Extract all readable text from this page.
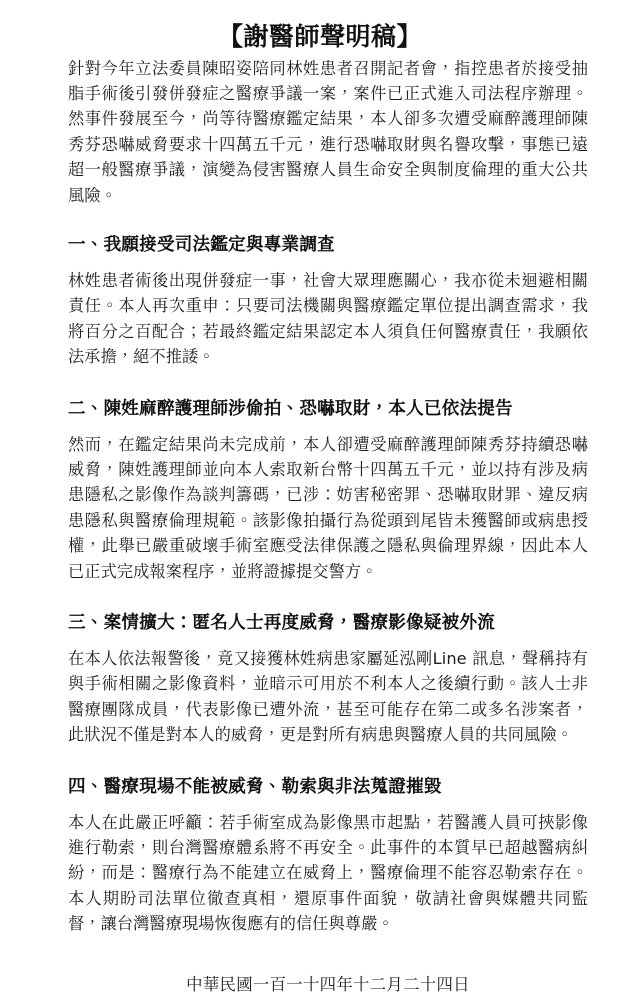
【謝醫師聲明稿】

針對今年立法委員陳昭姿陪同林姓患者召開記者會，指控患者於接受抽脂手術後引發併發症之醫療爭議一案，案件已正式進入司法程序辦理。然事件發展至今，尚等待醫療鑑定結果，本人卻多次遭受麻醉護理師陳秀芬恐嚇威脅要求十四萬五千元，進行恐嚇取財與名譽攻擊，事態已遠超一般醫療爭議，演變為侵害醫療人員生命安全與制度倫理的重大公共風險。

一、我願接受司法鑑定與專業調查

林姓患者術後出現併發症一事，社會大眾理應關心，我亦從未迴避相關責任。本人再次重申：只要司法機關與醫療鑑定單位提出調查需求，我將百分之百配合；若最終鑑定結果認定本人須負任何醫療責任，我願依法承擔，絕不推諉。

二、陳姓麻醉護理師涉偷拍、恐嚇取財，本人已依法提告

然而，在鑑定結果尚未完成前，本人卻遭受麻醉護理師陳秀芬持續恐嚇威脅，陳姓護理師並向本人索取新台幣十四萬五千元，並以持有涉及病患隱私之影像作為談判籌碼，已涉：妨害秘密罪、恐嚇取財罪、違反病患隱私與醫療倫理規範。該影像拍攝行為從頭到尾皆未獲醫師或病患授權，此舉已嚴重破壞手術室應受法律保護之隱私與倫理界線，因此本人已正式完成報案程序，並將證據提交警方。

三、案情擴大：匿名人士再度威脅，醫療影像疑被外流

在本人依法報警後，竟又接獲林姓病患家屬延泓剛Line 訊息，聲稱持有與手術相關之影像資料，並暗示可用於不利本人之後續行動。該人士非醫療團隊成員，代表影像已遭外流，甚至可能存在第二或多名涉案者，此狀況不僅是對本人的威脅，更是對所有病患與醫療人員的共同風險。

四、醫療現場不能被威脅、勒索與非法蒐證摧毀

本人在此嚴正呼籲：若手術室成為影像黑市起點，若醫護人員可挾影像進行勒索，則台灣醫療體系將不再安全。此事件的本質早已超越醫病糾紛，而是：醫療行為不能建立在威脅上，醫療倫理不能容忍勒索存在。本人期盼司法單位徹查真相，還原事件面貌，敬請社會與媒體共同監督，讓台灣醫療現場恢復應有的信任與尊嚴。

中華民國一百一十四年十二月二十四日
